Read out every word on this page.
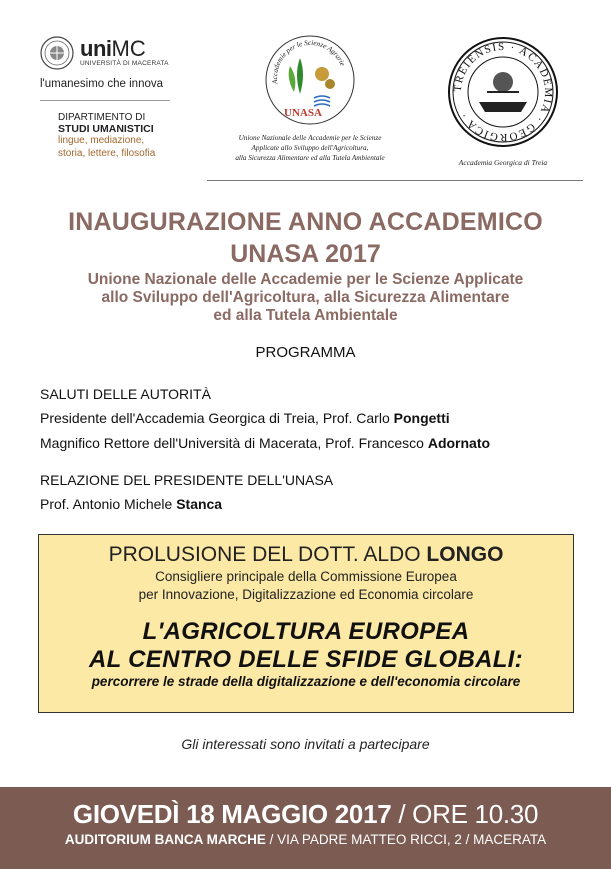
uniMC
UNIVERSITÀ DI MACERATA
l'umanesimo che innova
DIPARTIMENTO DI
STUDI UMANISTICI
lingue, mediazione,
storia, lettere, filosofia
Accademie per le Scienze Agrarie
UNASA
Unione Nazionale delle Accademie per le Scienze
Applicate allo Sviluppo dell'Agricoltura,
alla Sicurezza Alimentare ed alla Tutela Ambientale
TREIENSIS · ACADEMIA · GEORGICA ·
Accademia Georgica di Treia
INAUGURAZIONE ANNO ACCADEMICO
UNASA 2017
Unione Nazionale delle Accademie per le Scienze Applicate
allo Sviluppo dell'Agricoltura, alla Sicurezza Alimentare
ed alla Tutela Ambientale
PROGRAMMA
SALUTI DELLE AUTORITÀ
Presidente dell'Accademia Georgica di Treia, Prof. Carlo Pongetti
Magnifico Rettore dell'Università di Macerata, Prof. Francesco Adornato
RELAZIONE DEL PRESIDENTE DELL'UNASA
Prof. Antonio Michele Stanca
PROLUSIONE DEL DOTT. ALDO LONGO
Consigliere principale della Commissione Europea
per Innovazione, Digitalizzazione ed Economia circolare
L'AGRICOLTURA EUROPEA
AL CENTRO DELLE SFIDE GLOBALI:
percorrere le strade della digitalizzazione e dell'economia circolare
Gli interessati sono invitati a partecipare
GIOVEDÌ 18 MAGGIO 2017 / ORE 10.30
AUDITORIUM BANCA MARCHE / VIA PADRE MATTEO RICCI, 2 / MACERATA
